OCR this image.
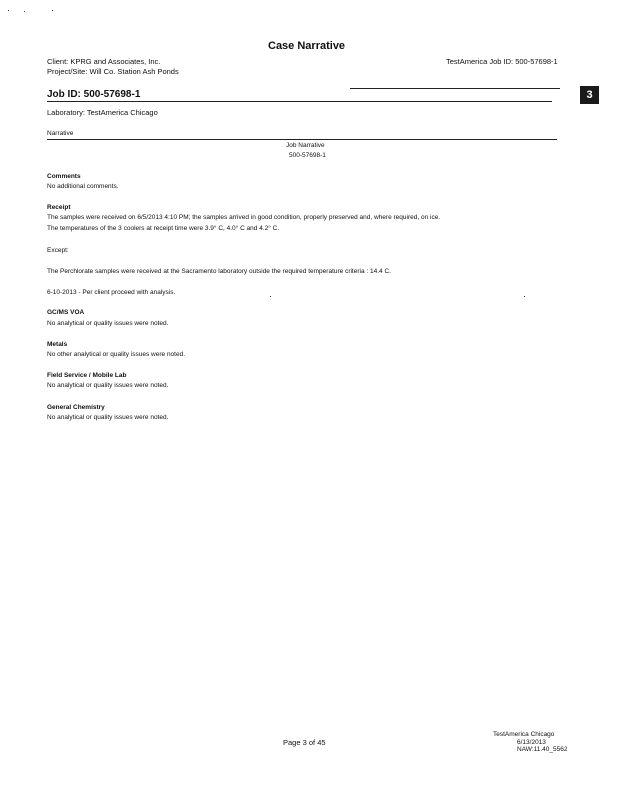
Case Narrative
Client: KPRG and Associates, Inc.
Project/Site: Will Co. Station Ash Ponds
TestAmerica Job ID: 500-57698-1
Job ID: 500-57698-1	3
Laboratory: TestAmerica Chicago
Narrative
Job Narrative
500-57698-1
Comments
No additional comments.
Receipt
The samples were received on 6/5/2013 4:10 PM; the samples arrived in good condition, properly preserved and, where required, on ice.
The temperatures of the 3 coolers at receipt time were 3.9° C, 4.0° C and 4.2° C.
Except:
The Perchlorate samples were received at the Sacramento laboratory outside the required temperature criteria : 14.4 C.
6-10-2013 - Per client proceed with analysis.
GC/MS VOA
No analytical or quality issues were noted.
Metals
No other analytical or quality issues were noted.
Field Service / Mobile Lab
No analytical or quality issues were noted.
General Chemistry
No analytical or quality issues were noted.
Page 3 of 45
TestAmerica Chicago
6/13/2013
NAW:11.40_5562
